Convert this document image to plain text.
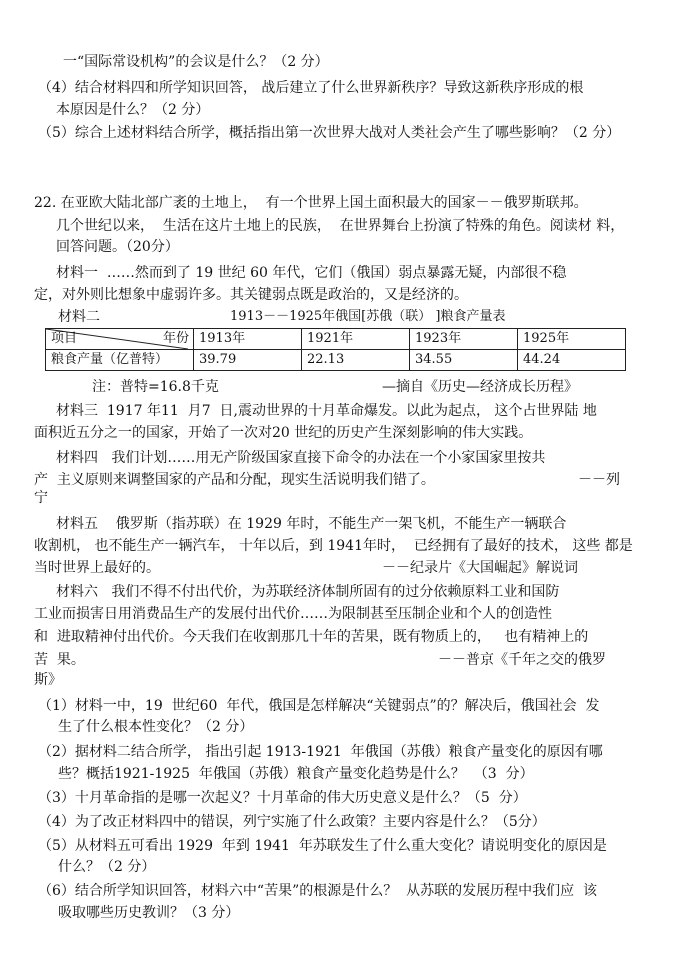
一“国际常设机构”的会议是什么？（2 分）
（4）结合材料四和所学知识回答， 战后建立了什么世界新秩序？导致这新秩序形成的根
本原因是什么？（2 分）
（5）综合上述材料结合所学，概括指出第一次世界大战对人类社会产生了哪些影响？（2 分）
22. 在亚欧大陆北部广袤的土地上，  有一个世界上国土面积最大的国家－－俄罗斯联邦。
几个世纪以来，  生活在这片土地上的民族，  在世界舞台上扮演了特殊的角色。阅读材 料，
回答问题。（20分）
材料一  ……然而到了 19 世纪 60 年代，它们（俄国）弱点暴露无疑，内部很不稳
定，对外则比想象中虚弱许多。其关键弱点既是政治的，又是经济的。
材料二	1913－－1925年俄国[苏俄（联） ]粮食产量表
项目 年份	1913年	1921年	1923年	1925年
粮食产量（亿普特）	39.79	22.13	34.55	44.24
注：普特=16.8千克	—摘自《历史—经济成长历程》
材料三  1917 年11  月7  日,震动世界的十月革命爆发。以此为起点， 这个占世界陆 地
面积近五分之一的国家，开始了一次对20 世纪的历史产生深刻影响的伟大实践。
材料四   我们计划……用无产阶级国家直接下命令的办法在一个小家国家里按共
产  主义原则来调整国家的产品和分配，现实生活说明我们错了。	－－列
宁
材料五    俄罗斯（指苏联）在 1929 年时，不能生产一架飞机，不能生产一辆联合
收割机， 也不能生产一辆汽车， 十年以后，到 1941年时，  已经拥有了最好的技术， 这些 都是
当时世界上最好的。	－－纪录片《大国崛起》解说词
材料六   我们不得不付出代价，为苏联经济体制所固有的过分依赖原料工业和国防
工业而损害日用消费品生产的发展付出代价……为限制甚至压制企业和个人的创造性
和  进取精神付出代价。今天我们在收割那几十年的苦果，既有物质上的，   也有精神上的
苦  果。	－－普京《千年之交的俄罗
斯》
（1）材料一中，19  世纪60  年代，俄国是怎样解决“关键弱点”的？解决后，俄国社会  发
生了什么根本性变化？（2 分）
（2）据材料二结合所学， 指出引起 1913-1921  年俄国（苏俄）粮食产量变化的原因有哪
些？概括1921-1925  年俄国（苏俄）粮食产量变化趋势是什么？  （3  分）
（3）十月革命指的是哪一次起义？十月革命的伟大历史意义是什么？（5  分）
（4）为了改正材料四中的错误，列宁实施了什么政策？主要内容是什么？（5分）
（5）从材料五可看出 1929  年到 1941  年苏联发生了什么重大变化？请说明变化的原因是
什么？（2 分）
（6）结合所学知识回答，材料六中“苦果”的根源是什么？  从苏联的发展历程中我们应  该
吸取哪些历史教训？（3 分）
